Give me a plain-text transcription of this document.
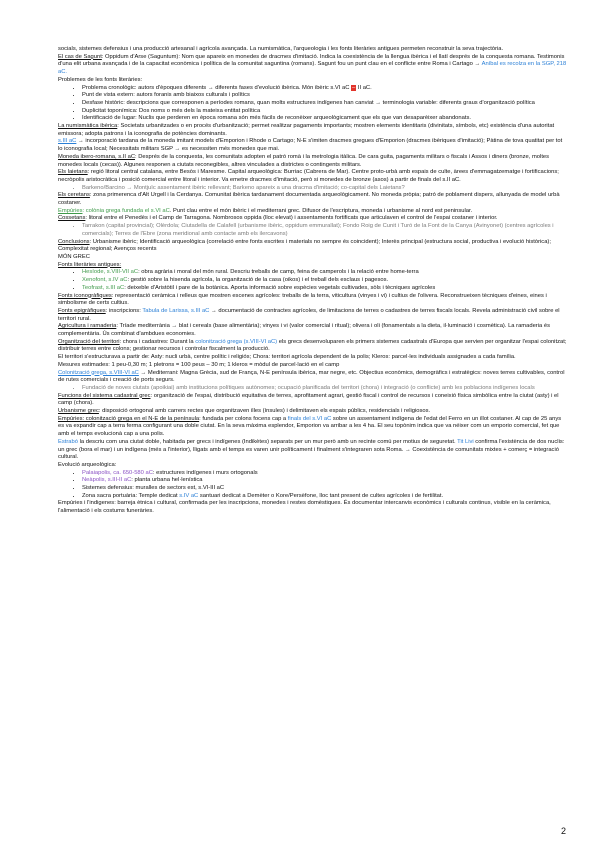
socials, sistemes defensius i una producció artesanal i agrícola avançada. La numismàtica, l'arqueologia i les fonts literàries antigues permeten reconstruir la seva trajectòria.

El cas de Sagunt: Oppidum d'Arse (Saguntum): Nom que apareix en monedes de dracmes d'imitació. Indica la coexistència de la llengua ibèrica i el llatí després de la conquesta romana. Testimonis d'una elit urbana avançada i de la capacitat econòmica i política de la comunitat saguntina (romans). Sagunt fou un punt clau en el conflicte entre Roma i Cartago → Aníbal es recolza en la SGP, 218 aC.

Problemes de les fonts literàries:

• Problema cronològic: autors d'èpoques diferents → diferents fases d'evolució ibèrica. Món ibèric s.VI aC – II aC.
• Punt de vista extern: autors foranis amb biaixos culturals i polítics
• Desfase històric: descripcions que corresponen a períodes romans, quan molts estructures indígenes han canviat → terminologia variable: diferents graus d'organització política
• Duplicitat toponímica: Dos noms o més dels la mateixa entitat política
• Identificació de lugar: Nuclis que perderen en època romana són més fàcils de reconèixer arqueològicament que els que van desaparèixer abandonats.

La numismàtica ibèrica: Societats urbanitzades o en procés d'urbanització; permet realitzar pagaments importants; mostren elements identitaris (divinitats, símbols, etc) existència d'una autoritat emissora; adopta patrons i la iconografia de potències dominants.

s.III aC → incorporació tardana de la moneda imitant models d'Emporion i Rhode o Cartago; N-E s'imiten dracmes gregues d'Emporion (dracmes ibèriques d'imitació); Pàtina de tova quatitat per tot lo iconografia local; Necessitats militars SGP → es necessiten més monedes que mai.

Moneda ibero-romana, s.II aC: Després de la conquesta, les comunitats adopten el patró romà i la metrologia itàlica. De cara guita, pagaments militars o fiscals i Assos i diners (bronze, moltes monedes locals (cecas)). Algunes responen a ciutats reconegibles, altres vinculades a districtes o contingents militars.

Els laietans: regió litoral central catalana, entre Besòs i Maresme. Capital arqueològica: Burriac (Cabrera de Mar). Centre proto-urbà amb espais de culte, àrees d'emmagatzematge i fortificacions; necròpolis aristocràtica i posició comercial entre litoral i interior. Va emetre dracmes d'imitació, però si monedes de bronze (asos) a partir de finals del s.II aC.

• Barkeno/Barcino → Montjuïc assentament ibèric rellevant; Barkeno apareix a una dracma d'imitació; co-capital dels Laietans?

Els ceretans: zona primerenca d'Alt Urgell i la Cerdanya. Comunitat ibèrica tardanament documentada arqueològicament. No moneda pròpia; patró de poblament dispers, allunyada de model urbà costaner.

Empúries: colònia grega fundada el s.VI aC. Punt clau entre el món ibèric i el mediterrani grec. Difusor de l'escriptura, moneda i urbanisme al nord est peninsular.

Cossetans: litoral entre el Penedès i el Camp de Tarragona. Nombrosos oppida (lloc elevat) i assentaments fortificats que articulaven el control de l'espai costaner i interior.

• Tarrakon (capital provincial); Olèrdola; Ciutadella de Calafell (urbanisme ibèric, oppidum emmurallat); Fondo Roig de Cunit i Turó de la Font de la Canya (Avinyonet) (centres agrícoles i comercials); Terres de l'Ebre (zona meridional amb contacte amb els ilercavons)

Conclusions: Urbanisme ibèric; Identificació arqueològica (correlació entre fonts escrites i materials no sempre és coincident); Interès principal (estructura social, productiva i evolució històrica); Complexitat regional; Avenços recents

MÓN GREC

Fonts literàries antigues:

• Hesíode, s.VIII-VII aC: obra agrària i moral del món rural. Descriu treballs de camp, feina de camperols i la relació entre home-terra
• Xenofont, s.IV aC: gestió sobre la hisenda agrícola, la organització de la casa (oikos) i el treball dels esclaus i pagesos.
• Teofrast, s.III aC: deixeble d'Aristòtil i pare de la botànica. Aporta informació sobre espècies vegetals cultivades, sòls i tècniques agrícoles

Fonts iconogràfiques: representació ceràmica i relleus que mostren escenes agrícoles: treballs de la terra, viticultura (vinyes i vi) i cultius de l'olivera. Reconstrueixen tècniques d'eines, eines i simbolisme de certs cultius.

Fonts epigràfiques: inscripcions: Tabula de Larissa, s.III aC → documentació de contractes agrícoles, de limitacions de terres o cadastres de terres fiscals locals. Revela administració civil sobre el territori rural.

Agricultura i ramaderia: Tríade mediterrània → blat i cereals (base alimentària); vinyes i vi (valor comercial i ritual); olivera i oli (fonamentals a la dieta, il·luminació i cosmètica). La ramaderia és complementària. Ús combinat d'ambdues economies.

Organització del territori: chora i cadastres: Durant la colonització grega (s.VIII-VI aC) els grecs desenvoluparen els primers sistemes cadastrals d'Europa que servien per organitzar l'espai colonitzat; distribuir terres entre colons; gestionar recursos i controlar fiscalment la producció.

El territori s'estructurava a partir de: Asty: nucli urbà, centre polític i religiós; Chora: territori agrícola dependent de la polis; Kleros: parcel·les individuals assignades a cada família.

Mesures estimades: 1 peu-0,30 m; 1 pletrons = 100 peus – 30 m; 1 kleros = mòdul de parcel·lació en el camp

Colonització grega, s.VIII-VI aC → Mediterrani: Magna Grècia, sud de França, N-E península ibèrica, mar negre, etc. Objectius econòmics, demogràfics i estratègics: noves terres cultivables, control de rutes comercials i creació de ports segurs.

• Fundació de noves ciutats (apoikiai) amb institucions polítiques autònomes; ocupació planificada del territori (chora) i integració (o conflicte) amb les poblacions indígenes locals

Funcions del sistema cadastral grec: organització de l'espai, distribució equitativa de terres, aprofitament agrari, gestió fiscal i control de recursos i coneixió física simbòlica entre la ciutat (asty) i el camp (chora).

Urbanisme grec: disposició ortogonal amb carrers rectes que organitzaven illes (ínsules) i delimitaven els espais públics, residencials i religiosos.

Empúries: colonització grega en el N-E de la península: fundada per colons focens cap a finals del s.VI aC sobre un assentament indígena de l'edat del Ferro en un illot costaner. Al cap de 25 anys es va expandir cap a terra ferma configurant una doble ciutat. En la seva màxima esplendor, Emporion va arribar a les 4 ha. El seu topònim indica que va néixer com un emporio comercial, fet que amb el temps evolucionà cap a una polis.

Estrabó la descriu com una ciutat doble, habitada per grecs i indígenes (Indikètes) separats per un mur però amb un recinte comú per motius de seguretat. Tit Livi confirma l'existència de dos nuclis: un grec (bora el mar) i un indígena (més a l'interior), lligats amb el temps es varen unir políticament i finalment s'integraren sota Roma. → Coexistència de comunitats mixtes + comerç = integració cultural.

Evolució arqueològica:

• Palaiapolis, ca. 650-580 aC: estructures indígenes i murs ortogonals
• Neàpolis, s.III-II aC: planta urbana hel·lenística
• Sistemes defensius: muralles de sectors est, s.VI-III aC
• Zona sacra portuària: Temple dedicat s.IV aC santuari dedicat a Demèter o Kore/Persèfone, lloc tant present de cultes agrícoles i de fertilitat.

Empúries i l'indigenes: barreja ètnica i cultural, confirmada per les inscripcions, monedes i restes domèstiques. És documentar intercanvis econòmics i culturals continus, visible en la ceràmica, l'alimentació i els costums funeràries.

2
